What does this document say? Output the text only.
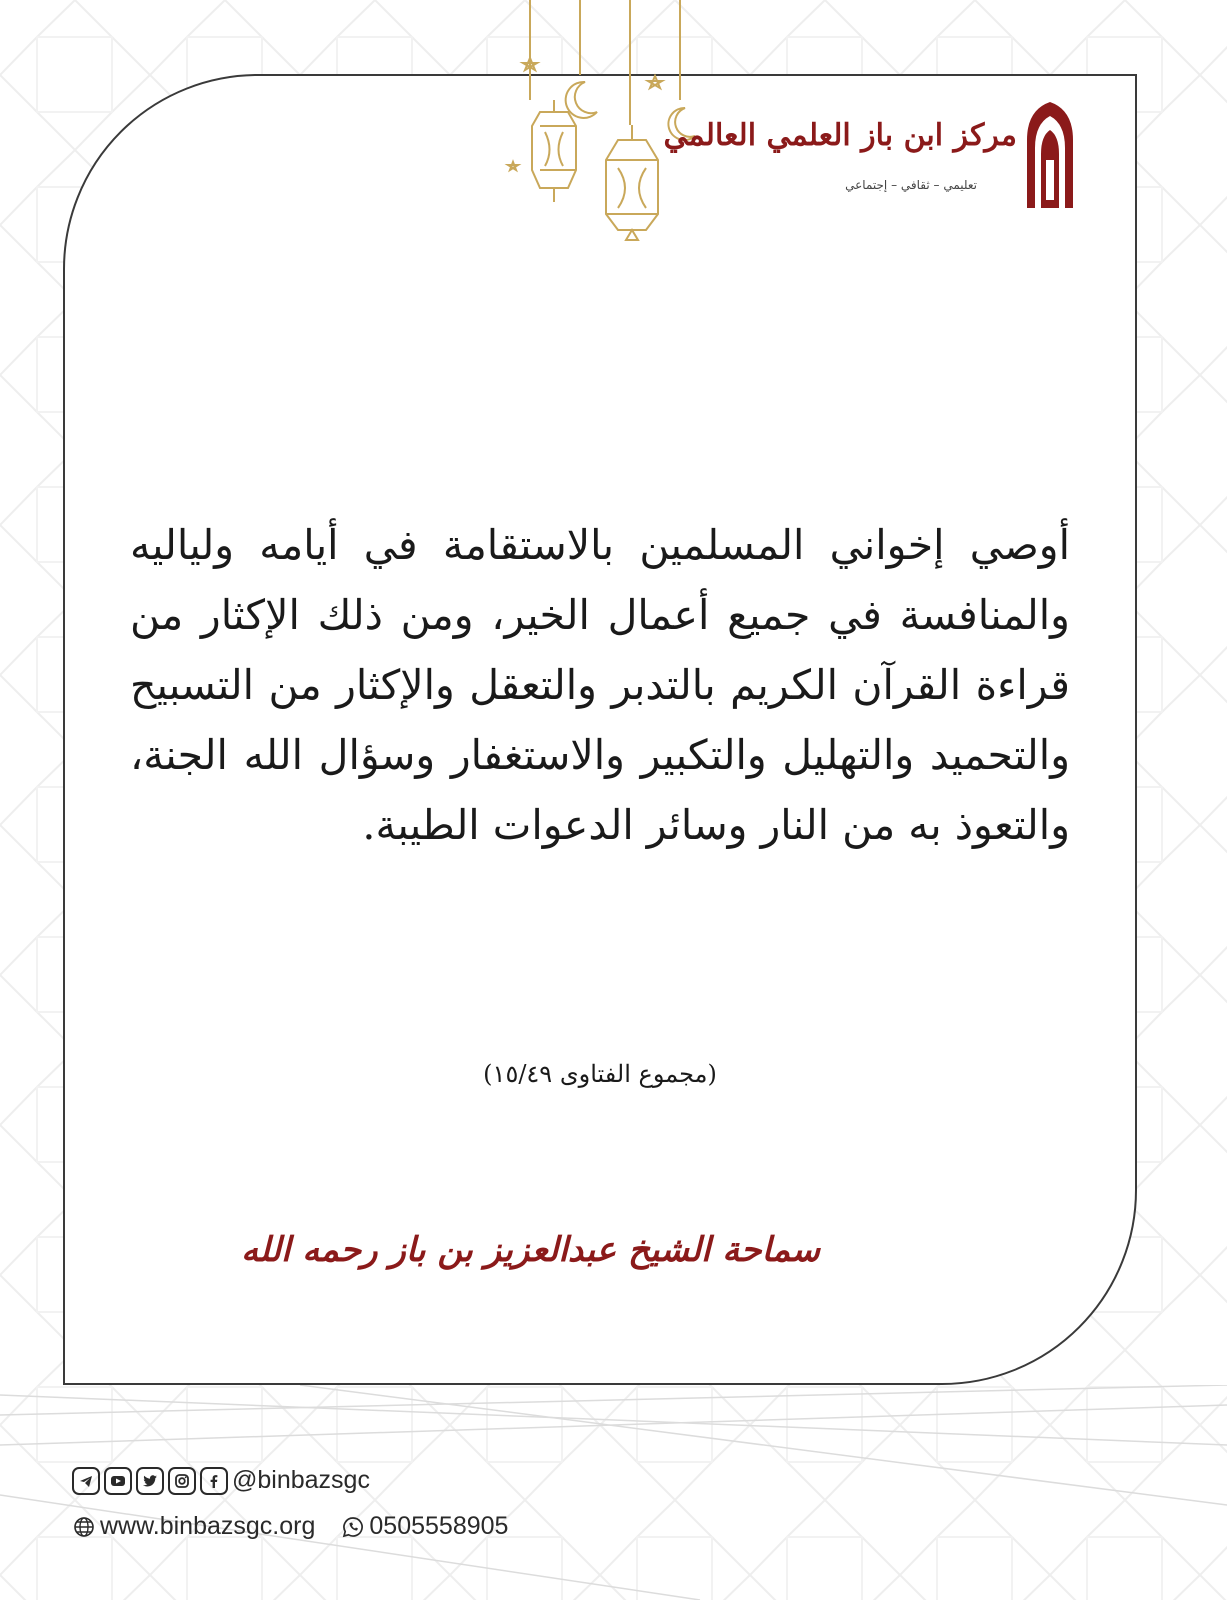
مركز ابن باز العلمي العالمي
تعليمي – ثقافي – إجتماعي

أوصي إخواني المسلمين بالاستقامة في أيامه ولياليه والمنافسة في جميع أعمال الخير، ومن ذلك الإكثار من قراءة القرآن الكريم بالتدبر والتعقل والإكثار من التسبيح والتحميد والتهليل والتكبير والاستغفار وسؤال الله الجنة، والتعوذ به من النار وسائر الدعوات الطيبة.

(مجموع الفتاوى ١٥/٤٩)
سماحة الشيخ عبدالعزيز بن باز رحمه الله
@binbazsgc
www.binbazsgc.org 0505558905
